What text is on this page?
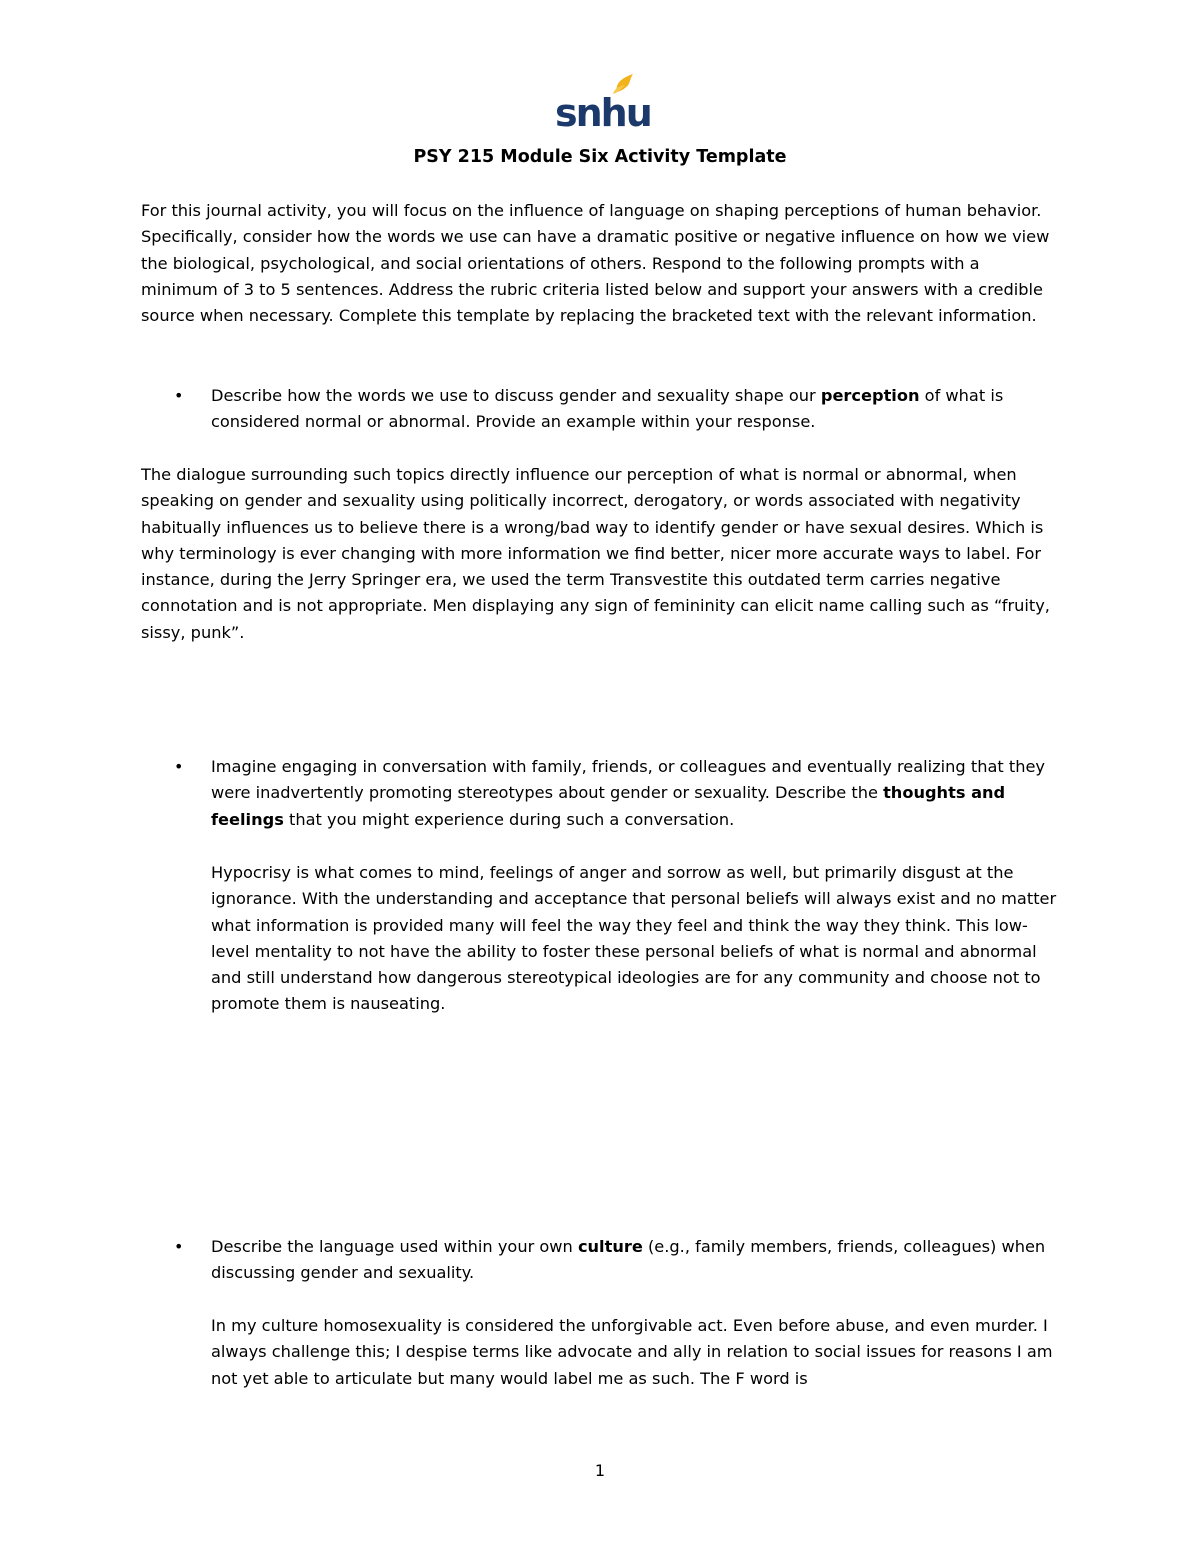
snhu
PSY 215 Module Six Activity Template

For this journal activity, you will focus on the influence of language on shaping perceptions of human behavior. Specifically, consider how the words we use can have a dramatic positive or negative influence on how we view the biological, psychological, and social orientations of others. Respond to the following prompts with a minimum of 3 to 5 sentences. Address the rubric criteria listed below and support your answers with a credible source when necessary. Complete this template by replacing the bracketed text with the relevant information.

• Describe how the words we use to discuss gender and sexuality shape our perception of what is considered normal or abnormal. Provide an example within your response.

The dialogue surrounding such topics directly influence our perception of what is normal or abnormal, when speaking on gender and sexuality using politically incorrect, derogatory, or words associated with negativity habitually influences us to believe there is a wrong/bad way to identify gender or have sexual desires. Which is why terminology is ever changing with more information we find better, nicer more accurate ways to label. For instance, during the Jerry Springer era, we used the term Transvestite this outdated term carries negative connotation and is not appropriate. Men displaying any sign of femininity can elicit name calling such as “fruity, sissy, punk”.

• Imagine engaging in conversation with family, friends, or colleagues and eventually realizing that they were inadvertently promoting stereotypes about gender or sexuality. Describe the thoughts and feelings that you might experience during such a conversation.

Hypocrisy is what comes to mind, feelings of anger and sorrow as well, but primarily disgust at the ignorance. With the understanding and acceptance that personal beliefs will always exist and no matter what information is provided many will feel the way they feel and think the way they think. This low-level mentality to not have the ability to foster these personal beliefs of what is normal and abnormal and still understand how dangerous stereotypical ideologies are for any community and choose not to promote them is nauseating.

• Describe the language used within your own culture (e.g., family members, friends, colleagues) when discussing gender and sexuality.

In my culture homosexuality is considered the unforgivable act. Even before abuse, and even murder. I always challenge this; I despise terms like advocate and ally in relation to social issues for reasons I am not yet able to articulate but many would label me as such. The F word is

1
